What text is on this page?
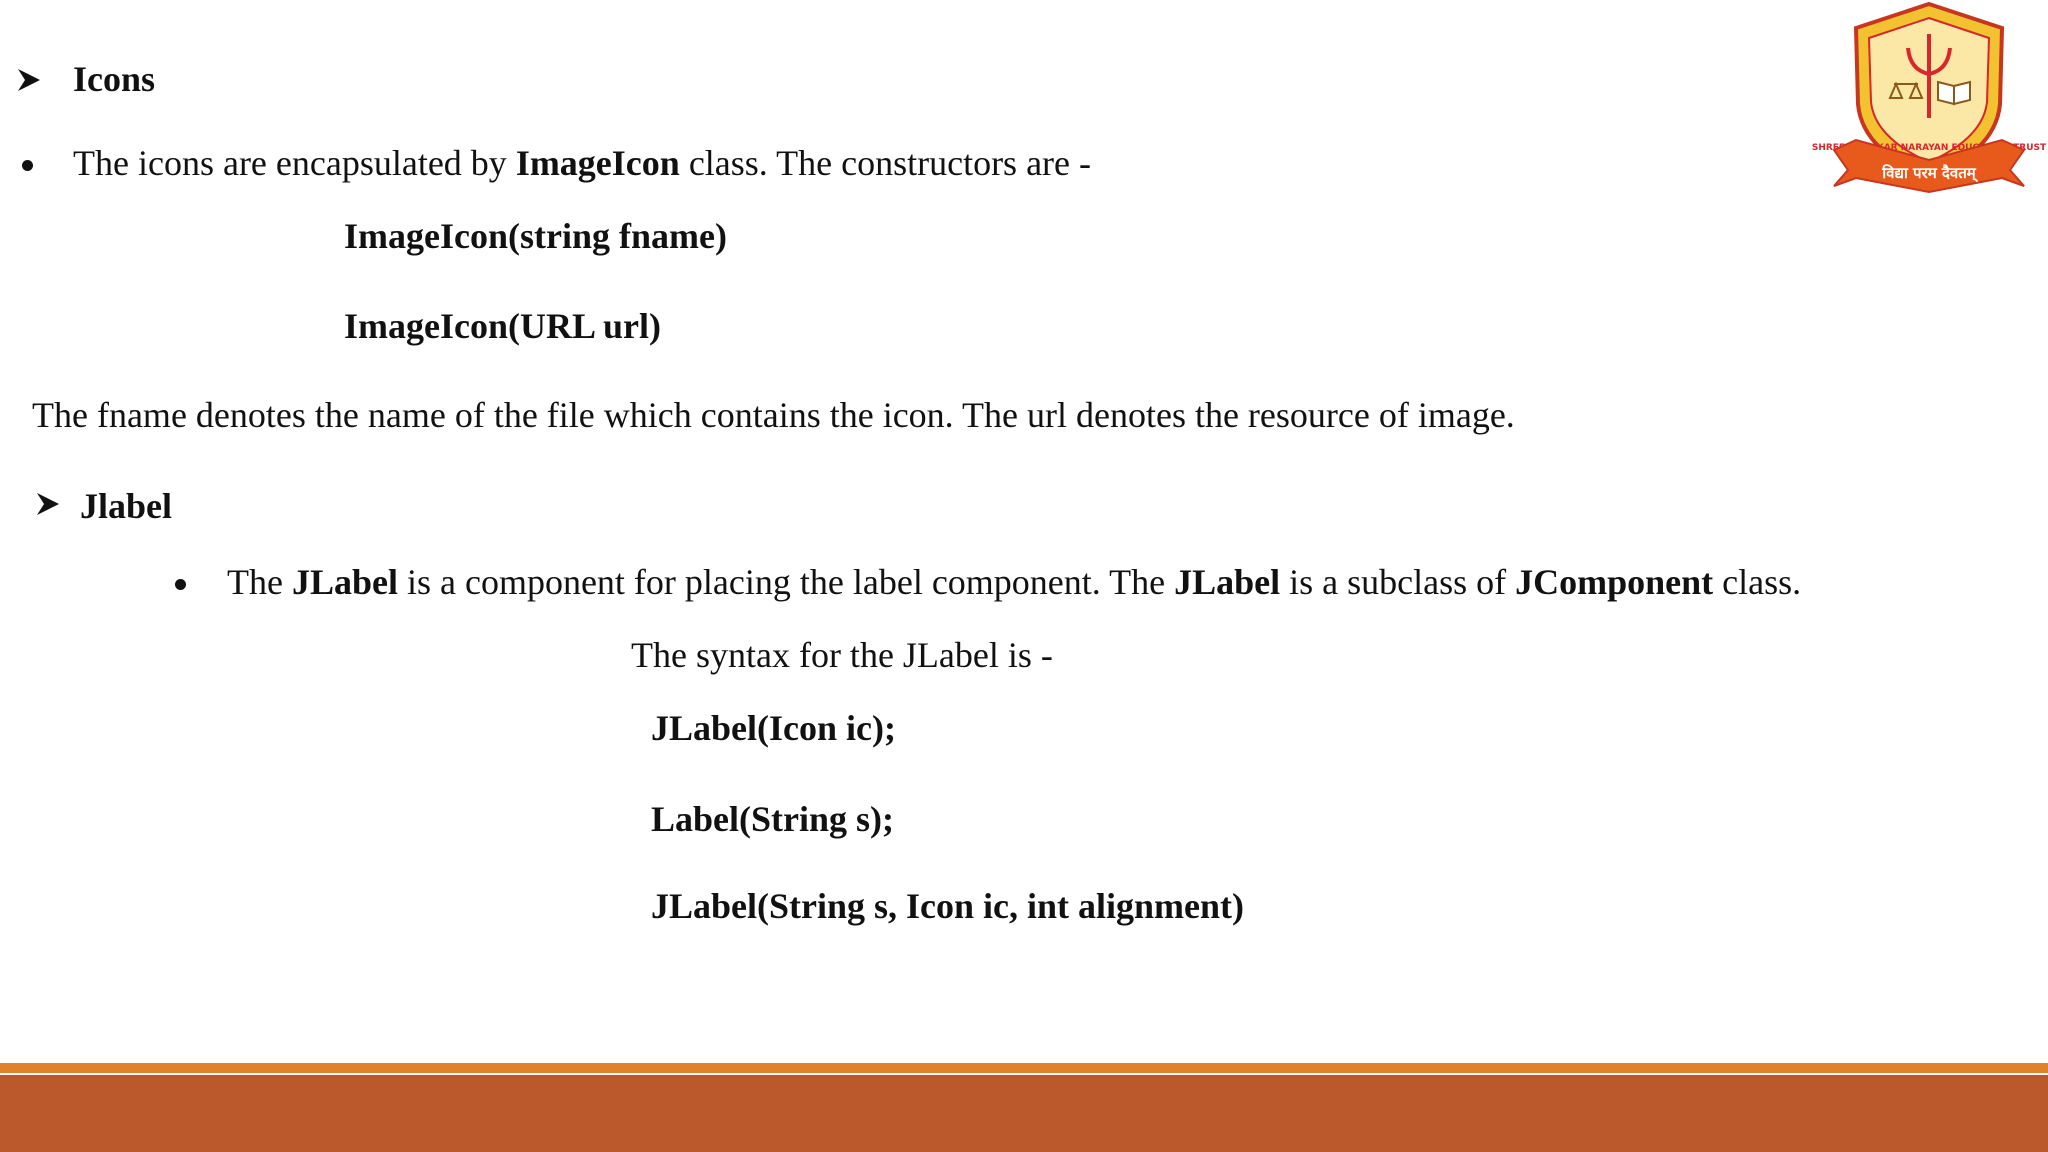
SHREE SHANKAR NARAYAN EDUCATION TRUST
विद्या परम दैवतम्
Icons
The icons are encapsulated by ImageIcon class. The constructors are -
ImageIcon(string fname)
ImageIcon(URL url)
The fname denotes the name of the file which contains the icon. The url denotes the resource of image.
Jlabel
The JLabel is a component for placing the label component. The JLabel is a subclass of JComponent class.
The syntax for the JLabel is -
JLabel(Icon ic);
Label(String s);
JLabel(String s, Icon ic, int alignment)
